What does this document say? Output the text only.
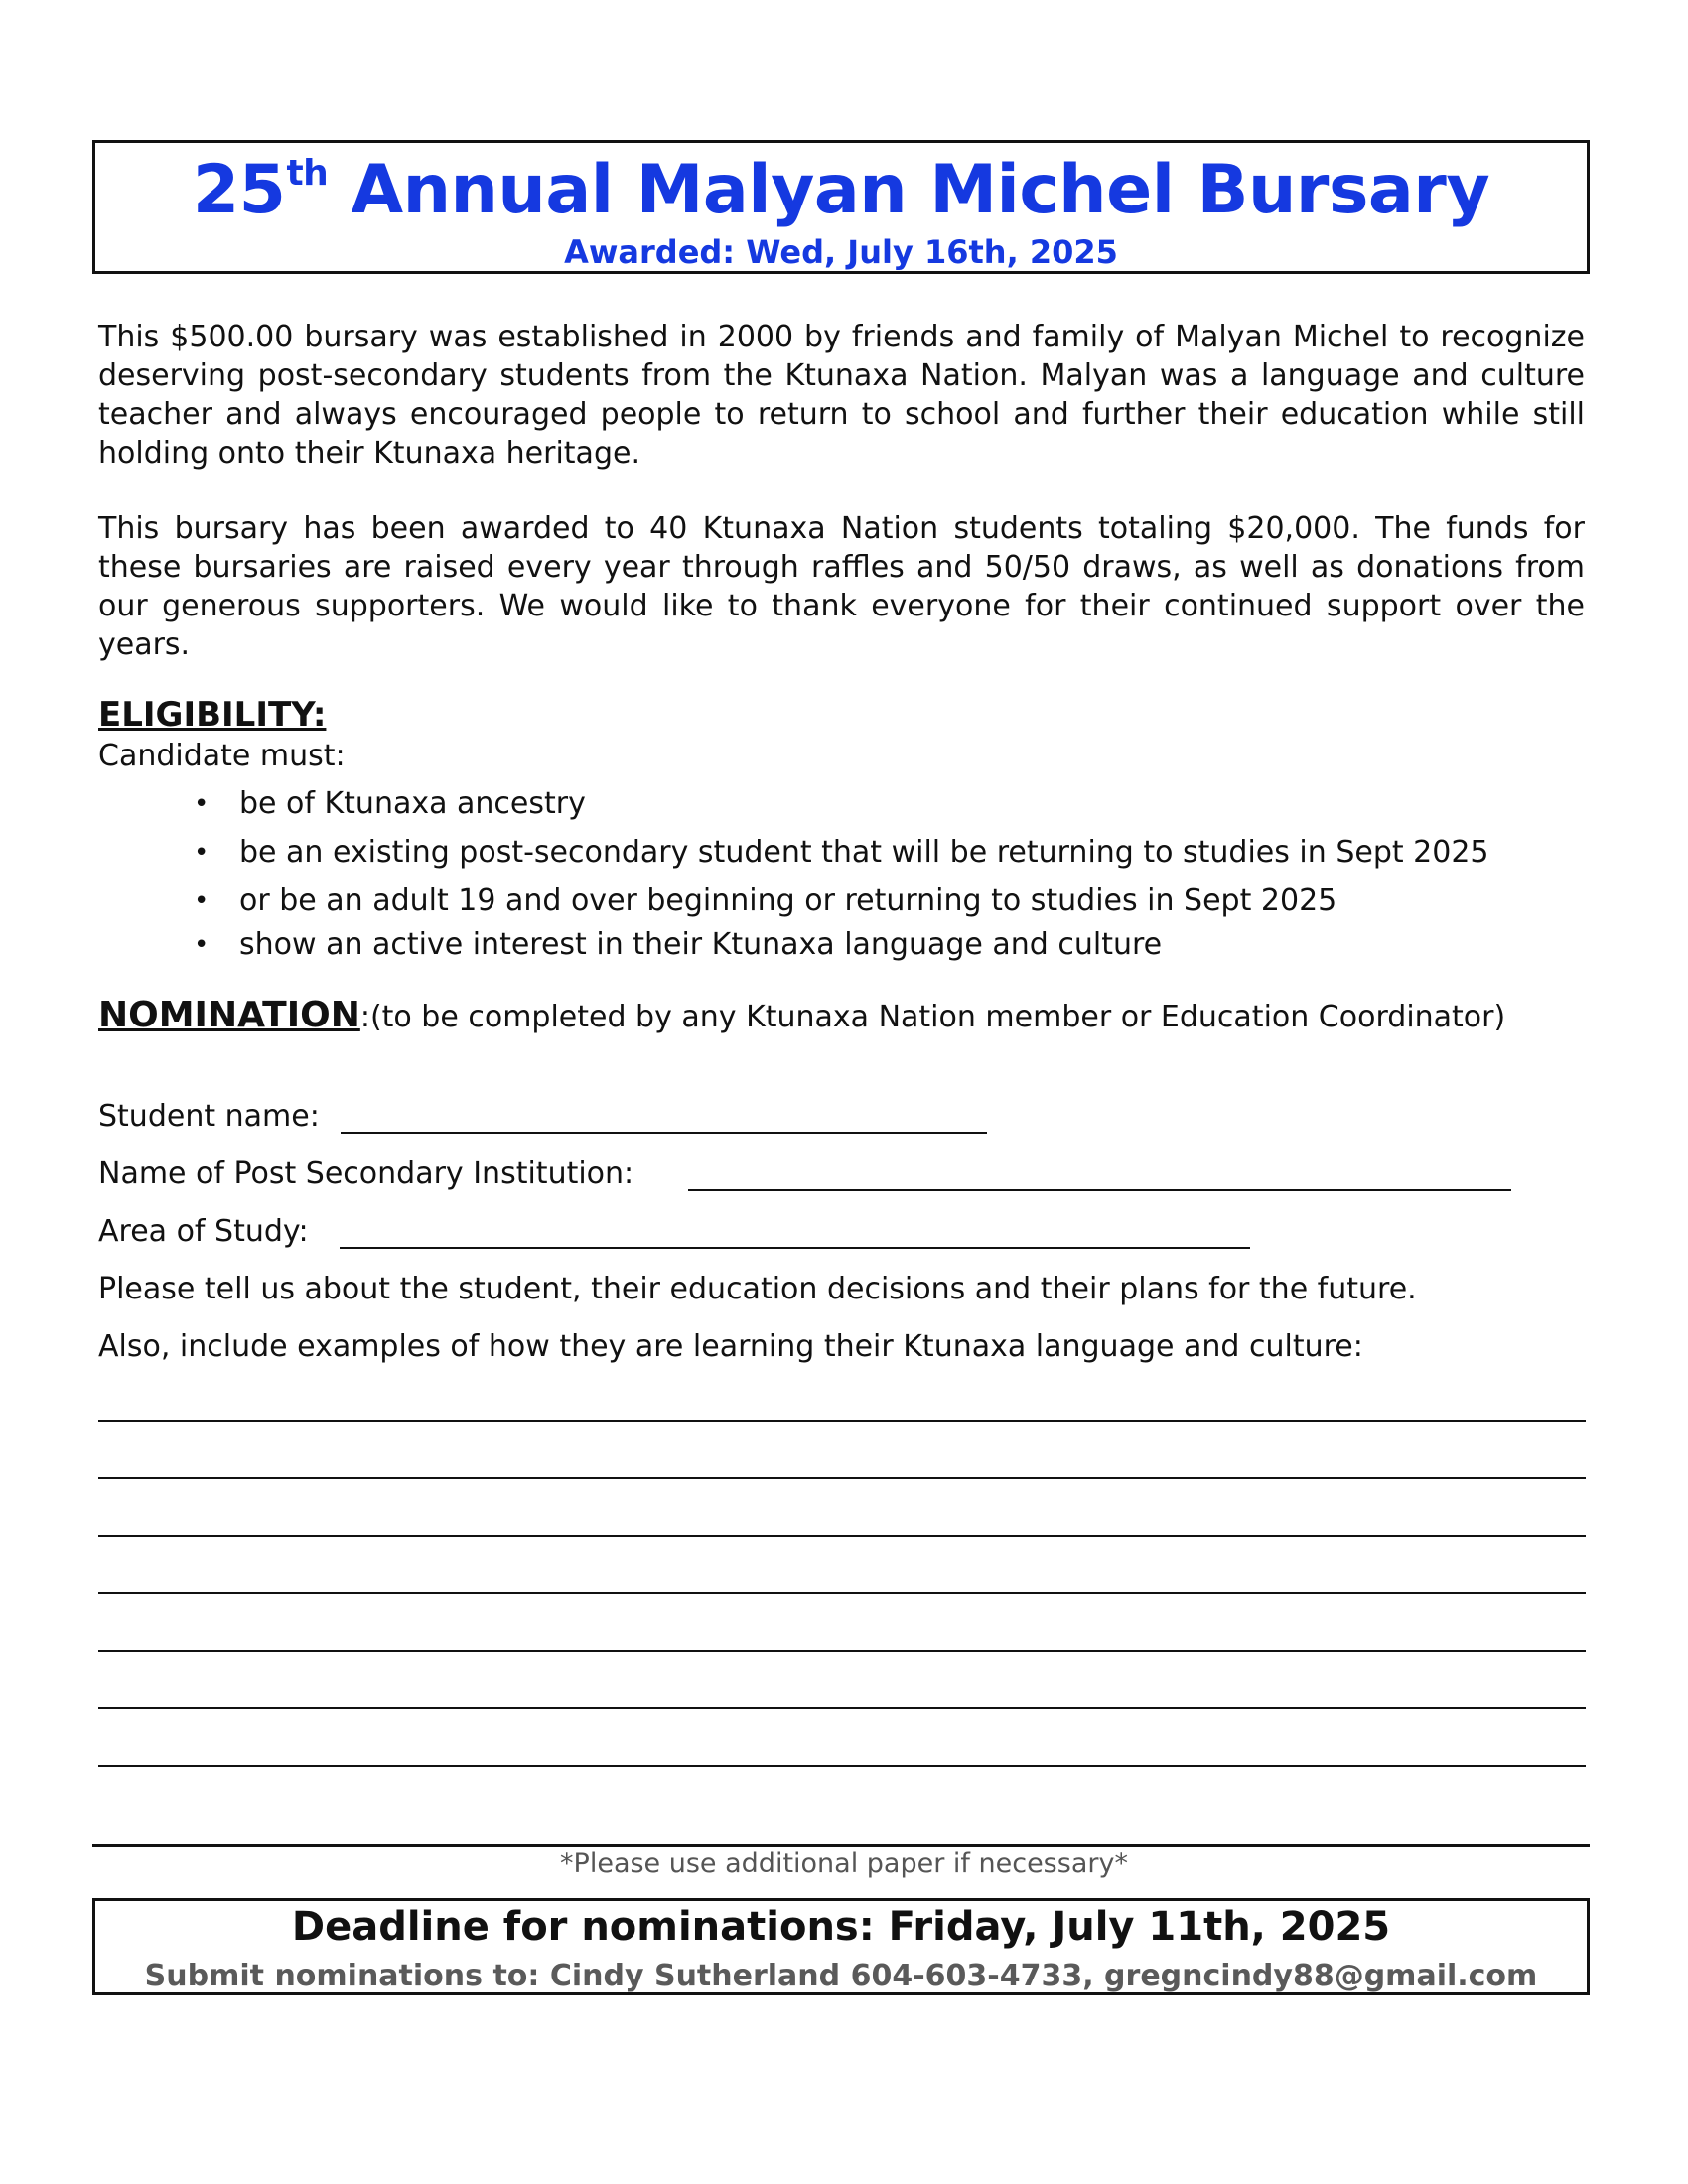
25th Annual Malyan Michel Bursary
Awarded: Wed, July 16th, 2025
This $500.00 bursary was established in 2000 by friends and family of Malyan Michel to recognize deserving post-secondary students from the Ktunaxa Nation. Malyan was a language and culture teacher and always encouraged people to return to school and further their education while still holding onto their Ktunaxa heritage.
This bursary has been awarded to 40 Ktunaxa Nation students totaling $20,000. The funds for these bursaries are raised every year through raffles and 50/50 draws, as well as donations from our generous supporters. We would like to thank everyone for their continued support over the years.
ELIGIBILITY:
Candidate must:
• be of Ktunaxa ancestry
• be an existing post-secondary student that will be returning to studies in Sept 2025
• or be an adult 19 and over beginning or returning to studies in Sept 2025
• show an active interest in their Ktunaxa language and culture
NOMINATION:(to be completed by any Ktunaxa Nation member or Education Coordinator)
Student name:
Name of Post Secondary Institution:
Area of Study:
Please tell us about the student, their education decisions and their plans for the future.
Also, include examples of how they are learning their Ktunaxa language and culture:
*Please use additional paper if necessary*
Deadline for nominations: Friday, July 11th, 2025
Submit nominations to: Cindy Sutherland 604-603-4733, gregncindy88@gmail.com
